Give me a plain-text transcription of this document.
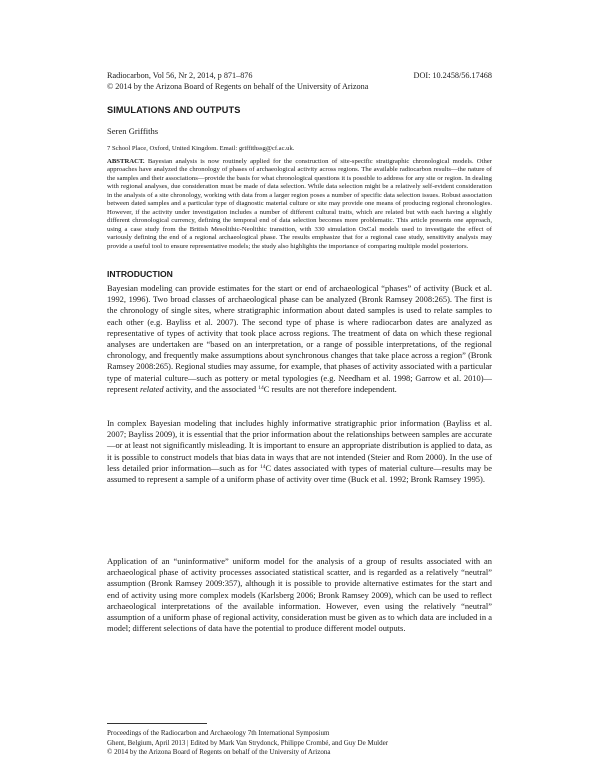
Radiocarbon, Vol 56, Nr 2, 2014, p 871–876	DOI: 10.2458/56.17468
© 2014 by the Arizona Board of Regents on behalf of the University of Arizona
SIMULATIONS AND OUTPUTS
Seren Griffiths
7 School Place, Oxford, United Kingdom. Email: griffithssg@cf.ac.uk.
ABSTRACT. Bayesian analysis is now routinely applied for the construction of site-specific stratigraphic chronological models. Other approaches have analyzed the chronology of phases of archaeological activity across regions. The available radiocarbon results—the nature of the samples and their associations—provide the basis for what chronological questions it is possible to address for any site or region. In dealing with regional analyses, due consideration must be made of data selection. While data selection might be a relatively self-evident consideration in the analysis of a site chronology, working with data from a larger region poses a number of specific data selection issues. Robust association between dated samples and a particular type of diagnostic material culture or site may provide one means of producing regional chronologies. However, if the activity under investigation includes a number of different cultural traits, which are related but with each having a slightly different chronological currency, defining the temporal end of data selection becomes more problematic. This article presents one approach, using a case study from the British Mesolithic-Neolithic transition, with 330 simulation OxCal models used to investigate the effect of variously defining the end of a regional archaeological phase. The results emphasize that for a regional case study, sensitivity analysis may provide a useful tool to ensure representative models; the study also highlights the importance of comparing multiple model posteriors.
INTRODUCTION

Bayesian modeling can provide estimates for the start or end of archaeological “phases” of activity (Buck et al. 1992, 1996). Two broad classes of archaeological phase can be analyzed (Bronk Ramsey 2008:265). The first is the chronology of single sites, where stratigraphic information about dated samples is used to relate samples to each other (e.g. Bayliss et al. 2007). The second type of phase is where radiocarbon dates are analyzed as representative of types of activity that took place across regions. The treatment of data on which these regional analyses are undertaken are “based on an interpretation, or a range of possible interpretations, of the regional chronology, and frequently make assumptions about synchronous changes that take place across a region” (Bronk Ramsey 2008:265). Regional studies may assume, for example, that phases of activity associated with a particular type of material culture—such as pottery or metal typologies (e.g. Needham et al. 1998; Garrow et al. 2010)—represent related activity, and the associated $^{14}$C results are not therefore independent.

In complex Bayesian modeling that includes highly informative stratigraphic prior information (Bayliss et al. 2007; Bayliss 2009), it is essential that the prior information about the relationships between samples are accurate—or at least not significantly misleading. It is important to ensure an appropriate distribution is applied to data, as it is possible to construct models that bias data in ways that are not intended (Steier and Rom 2000). In the use of less detailed prior information—such as for $^{14}$C dates associated with types of material culture—results may be assumed to represent a sample of a uniform phase of activity over time (Buck et al. 1992; Bronk Ramsey 1995).

Application of an “uninformative” uniform model for the analysis of a group of results associated with an archaeological phase of activity processes associated statistical scatter, and is regarded as a relatively “neutral” assumption (Bronk Ramsey 2009:357), although it is possible to provide alternative estimates for the start and end of activity using more complex models (Karlsberg 2006; Bronk Ramsey 2009), which can be used to reflect archaeological interpretations of the available information. However, even using the relatively “neutral” assumption of a uniform phase of regional activity, consideration must be given as to which data are included in a model; different selections of data have the potential to produce different model outputs.

Proceedings of the Radiocarbon and Archaeology 7th International Symposium

Ghent, Belgium, April 2013 | Edited by Mark Van Strydonck, Philippe Crombé, and Guy De Mulder

© 2014 by the Arizona Board of Regents on behalf of the University of Arizona
